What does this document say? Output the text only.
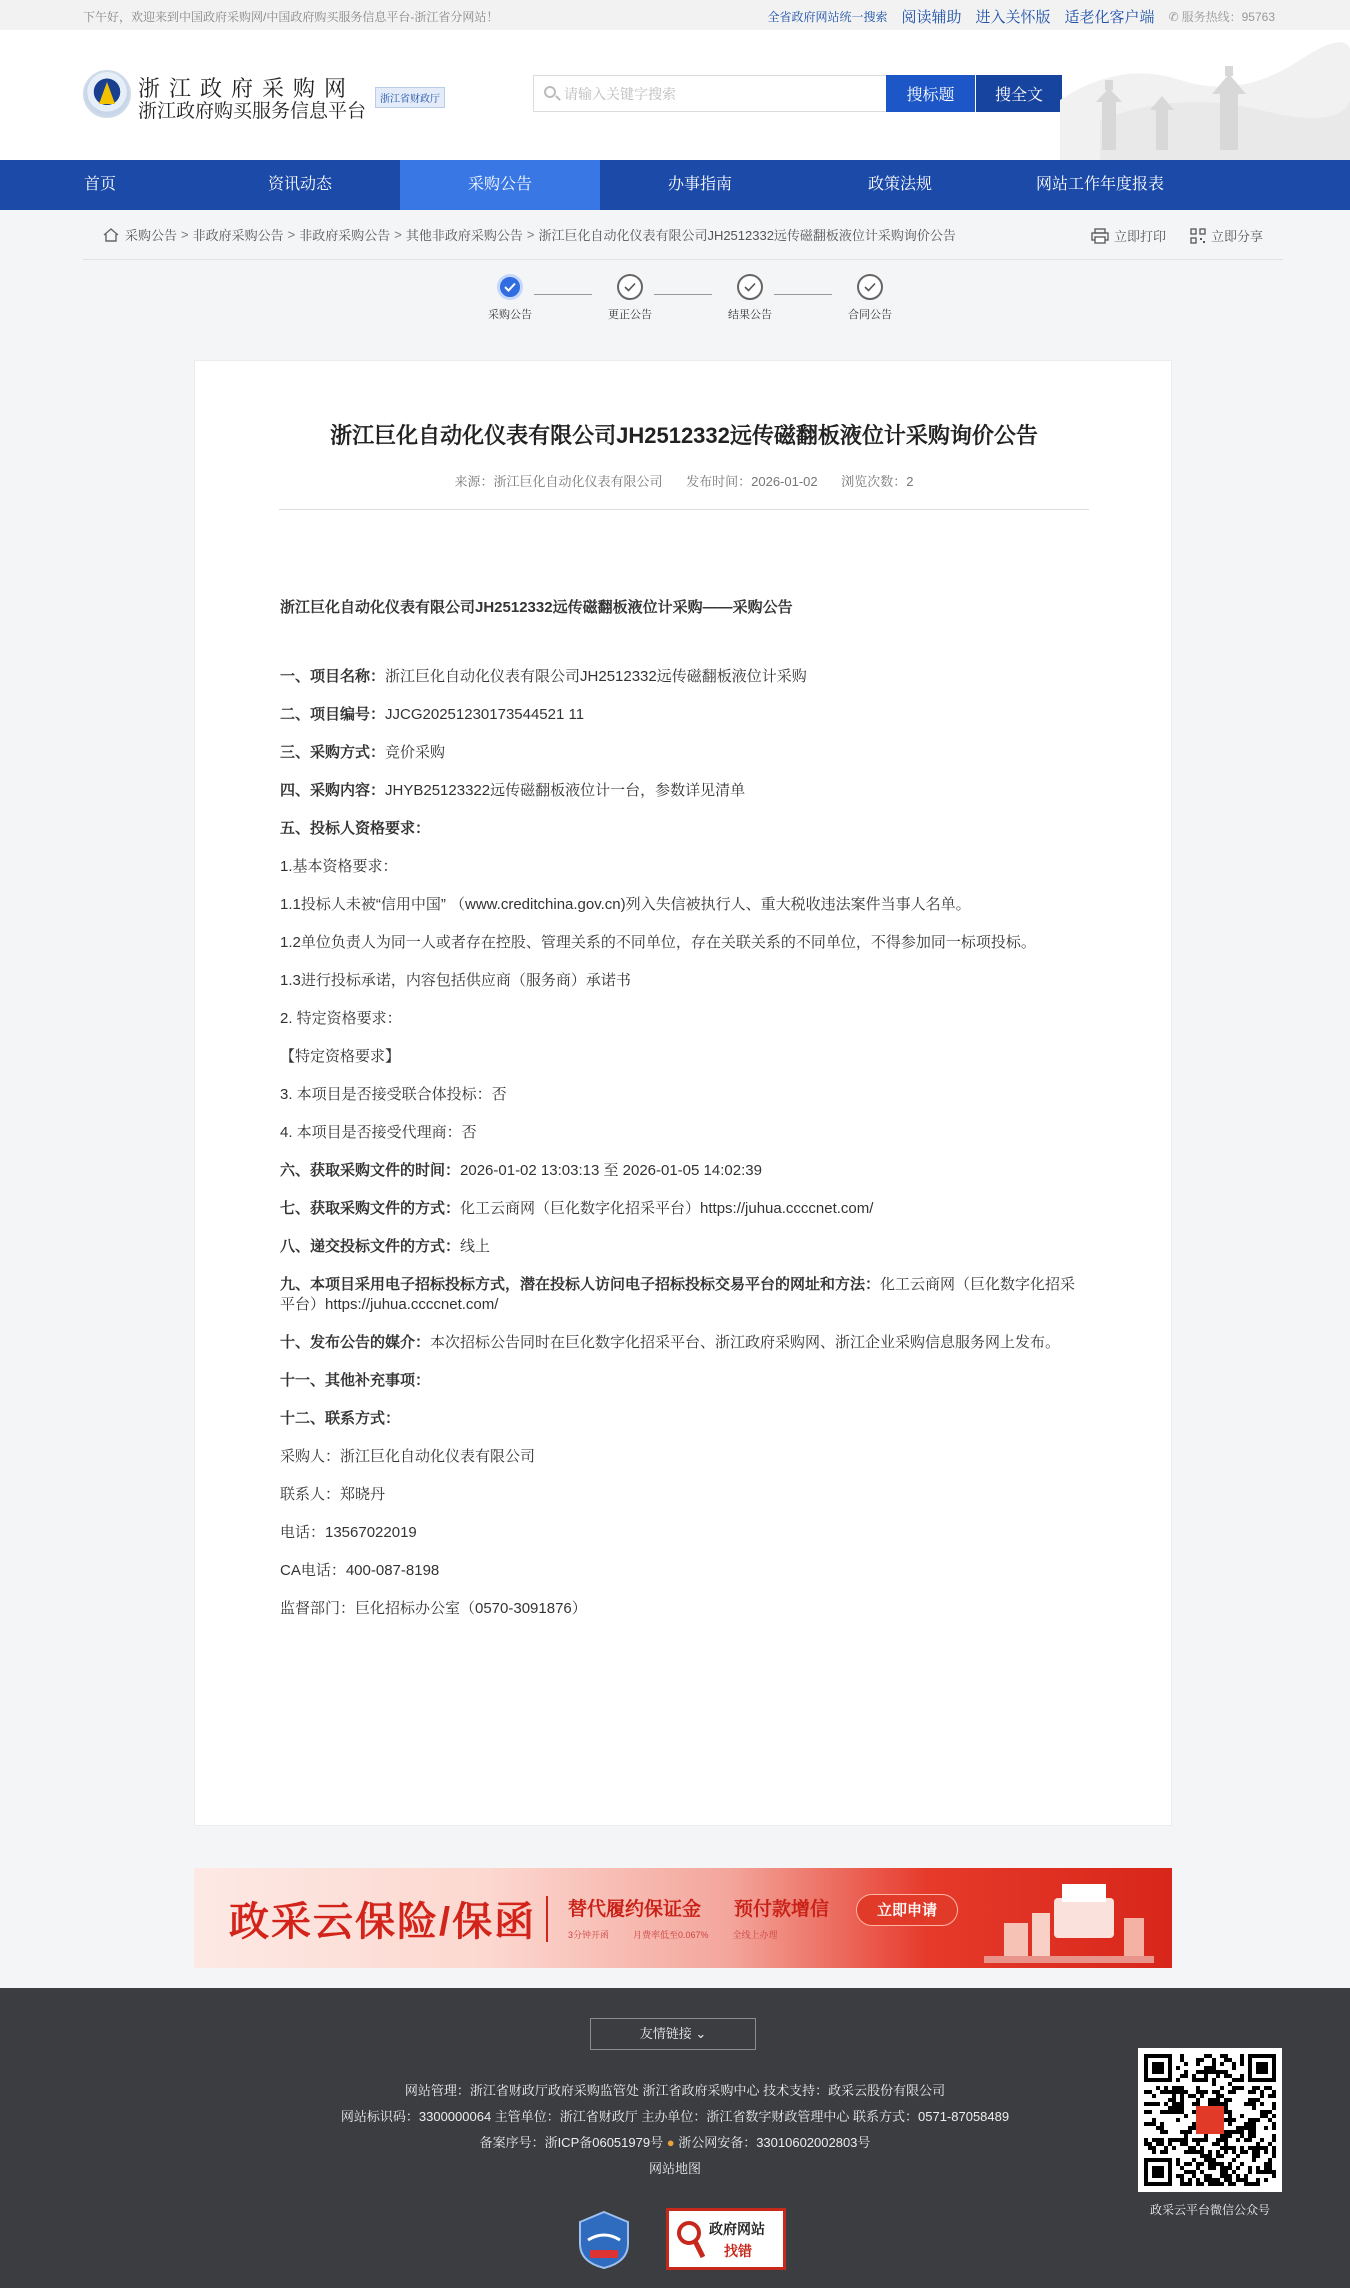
下午好，欢迎来到中国政府采购网/中国政府购买服务信息平台-浙江省分网站！	全省政府网站统一搜索 阅读辅助 进入关怀版 适老化客户端 ✆ 服务热线：95763
浙江政府采购网
浙江政府购买服务信息平台
浙江省财政厅
请输入关键字搜索	搜标题	搜全文
首页	资讯动态	采购公告	办事指南	政策法规	网站工作年度报表
采购公告 > 非政府采购公告 > 非政府采购公告 > 其他非政府采购公告 > 浙江巨化自动化仪表有限公司JH2512332远传磁翻板液位计采购询价公告	立即打印	立即分享
采购公告	更正公告	结果公告	合同公告
浙江巨化自动化仪表有限公司JH2512332远传磁翻板液位计采购询价公告
来源：浙江巨化自动化仪表有限公司 发布时间：2026-01-02 浏览次数：2
浙江巨化自动化仪表有限公司JH2512332远传磁翻板液位计采购——采购公告

一、项目名称：浙江巨化自动化仪表有限公司JH2512332远传磁翻板液位计采购

二、项目编号：JJCG20251230173544521 11

三、采购方式：竞价采购

四、采购内容：JHYB25123322远传磁翻板液位计一台，参数详见清单

五、投标人资格要求：

1.基本资格要求：

1.1投标人未被“信用中国” （www.creditchina.gov.cn)列入失信被执行人、重大税收违法案件当事人名单。

1.2单位负责人为同一人或者存在控股、管理关系的不同单位，存在关联关系的不同单位，不得参加同一标项投标。

1.3进行投标承诺，内容包括供应商（服务商）承诺书

2. 特定资格要求：

【特定资格要求】

3. 本项目是否接受联合体投标：否

4. 本项目是否接受代理商：否

六、获取采购文件的时间：2026-01-02 13:03:13 至 2026-01-05 14:02:39

七、获取采购文件的方式：化工云商网（巨化数字化招采平台）https://juhua.ccccnet.com/

八、递交投标文件的方式：线上

九、本项目采用电子招标投标方式，潜在投标人访问电子招标投标交易平台的网址和方法：化工云商网（巨化数字化招采平台）https://juhua.ccccnet.com/

十、发布公告的媒介：本次招标公告同时在巨化数字化招采平台、浙江政府采购网、浙江企业采购信息服务网上发布。

十一、其他补充事项：

十二、联系方式：

采购人：浙江巨化自动化仪表有限公司

联系人：郑晓丹

电话：13567022019

CA电话：400-087-8198

监督部门：巨化招标办公室（0570-3091876）

政采云保险/保函 替代履约保证金 预付款增信	立即申请
3分钟开函	月费率低至0.067%	全线上办理
友情链接 ⌄
网站管理：浙江省财政厅政府采购监管处 浙江省政府采购中心 技术支持：政采云股份有限公司
网站标识码：3300000064 主管单位：浙江省财政厅 主办单位：浙江省数字财政管理中心 联系方式：0571-87058489
备案序号：浙ICP备06051979号 ● 浙公网安备：33010602002803号
网站地图
政府网站
找错
政采云平台微信公众号
